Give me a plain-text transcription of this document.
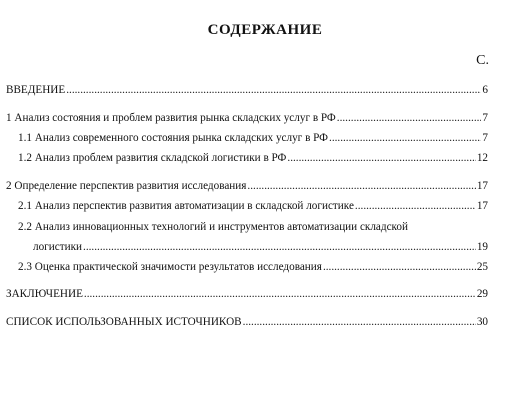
СОДЕРЖАНИЕ
С.
ВВЕДЕНИЕ .....	6
1 Анализ состояния и проблем развития рынка складских услуг в РФ .....	7
1.1 Анализ современного состояния рынка складских услуг в РФ .....	7
1.2 Анализ проблем развития складской логистики в РФ .....	12
2 Определение перспектив развития исследования .....	17
2.1 Анализ перспектив развития автоматизации в складской логистике .....	17
2.2 Анализ инновационных технологий и инструментов автоматизации складской
логистики .....	19
2.3 Оценка практической значимости результатов исследования .....	25
ЗАКЛЮЧЕНИЕ .....	29
СПИСОК ИСПОЛЬЗОВАННЫХ ИСТОЧНИКОВ .....	30
